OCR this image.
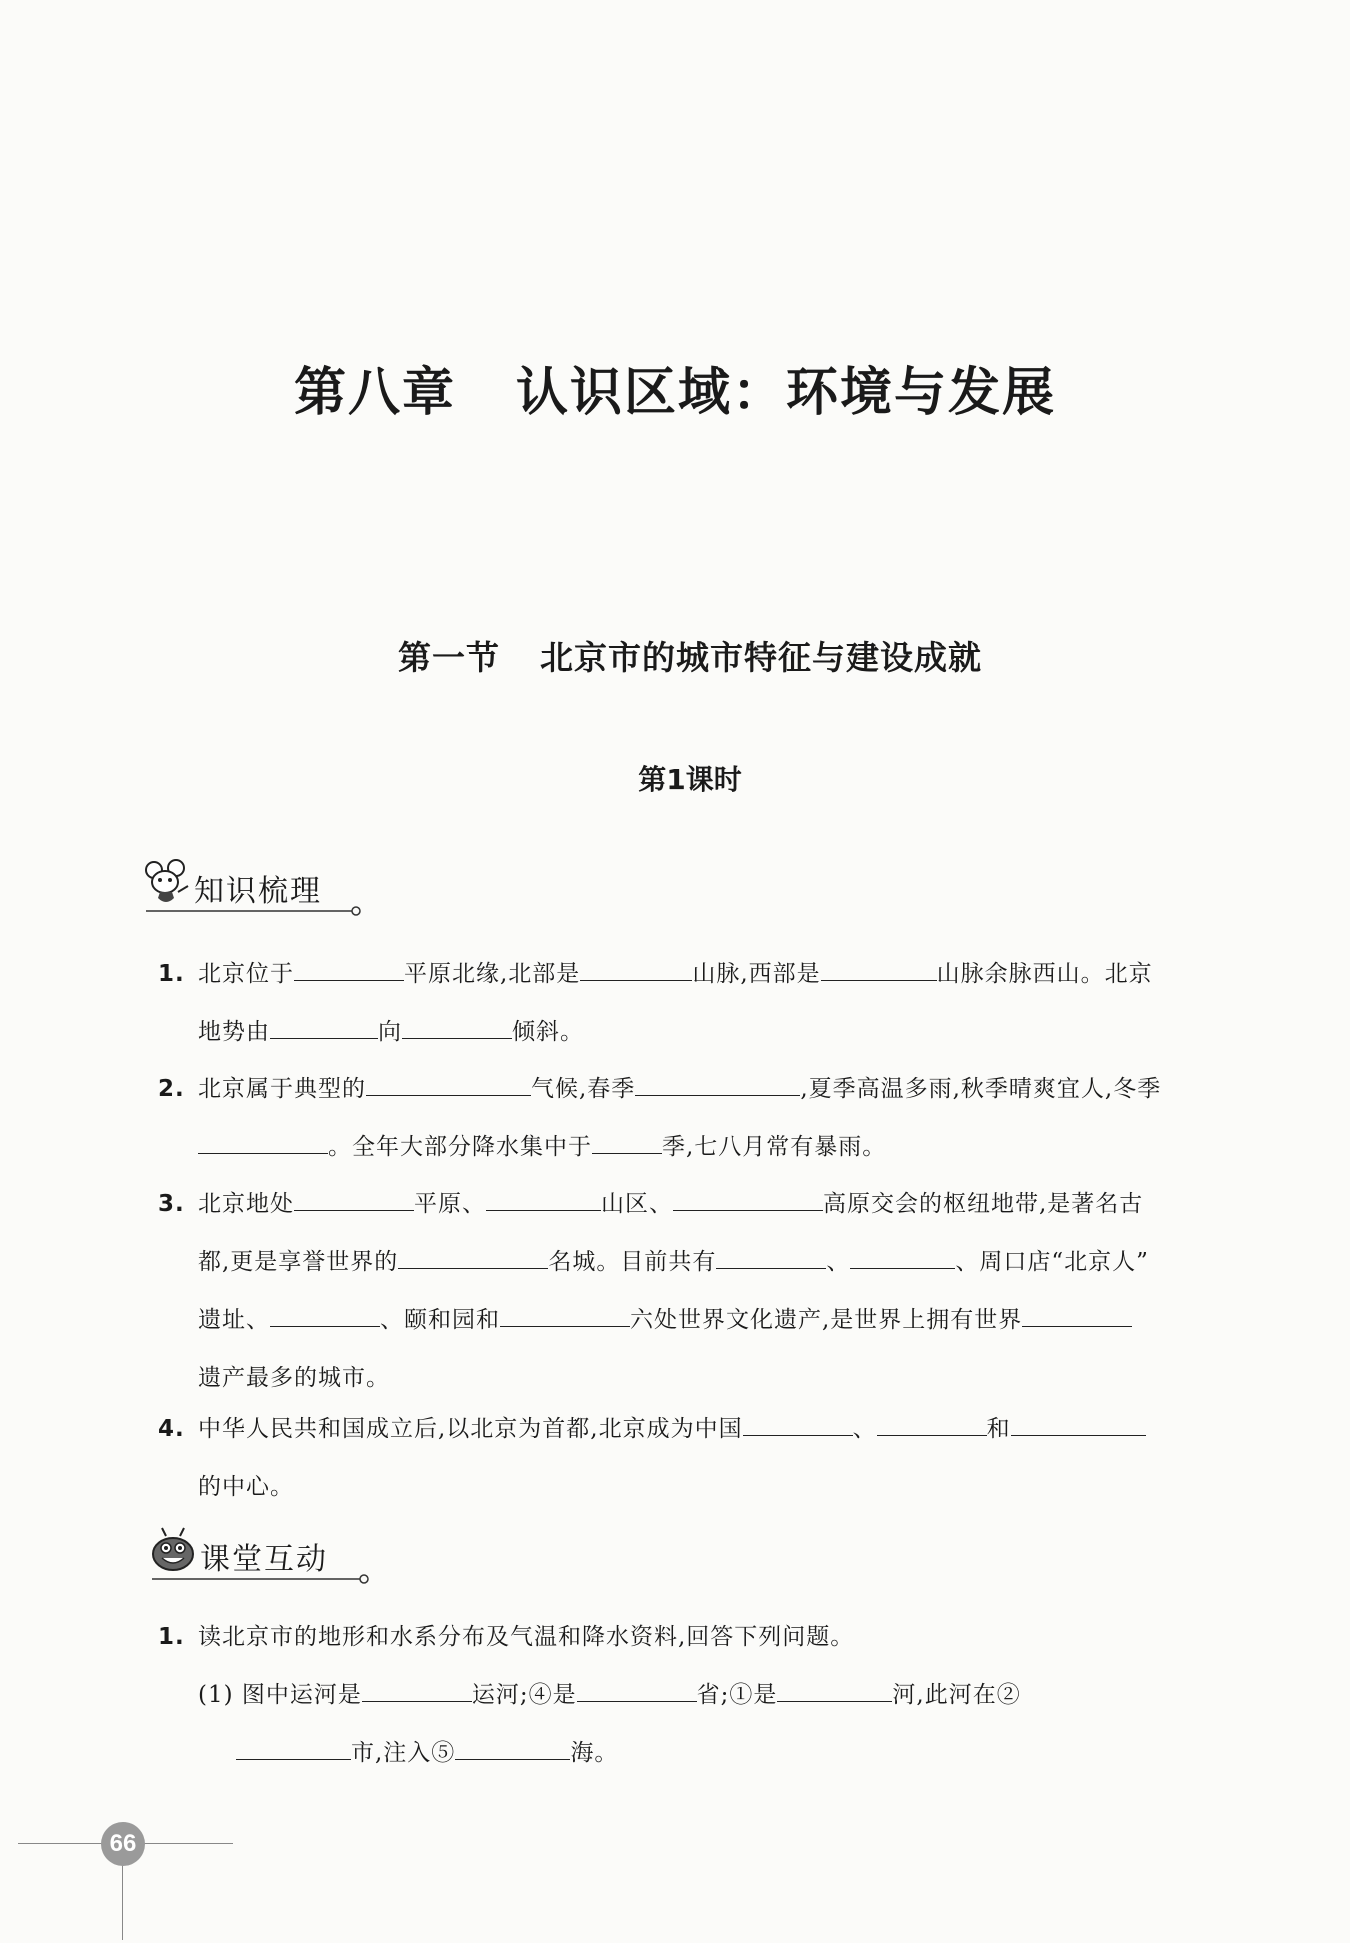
第八章 认识区域：环境与发展
第一节 北京市的城市特征与建设成就
第1课时
知识梳理
1. 北京位于	平原北缘,北部是	山脉,西部是	山脉余脉西山。北京
地势由	向	倾斜。
2. 北京属于典型的	气候,春季	,夏季高温多雨,秋季晴爽宜人,冬季
。全年大部分降水集中于	季,七八月常有暴雨。
3. 北京地处	平原、	山区、	高原交会的枢纽地带,是著名古
都,更是享誉世界的	名城。目前共有	、	、周口店“北京人”
遗址、	、颐和园和	六处世界文化遗产,是世界上拥有世界
遗产最多的城市。
4. 中华人民共和国成立后,以北京为首都,北京成为中国	、	和
的中心。
课堂互动
1. 读北京市的地形和水系分布及气温和降水资料,回答下列问题。

(1) 图中运河是	运河;④是	省;①是	河,此河在②
市,注入⑤	海。
66
